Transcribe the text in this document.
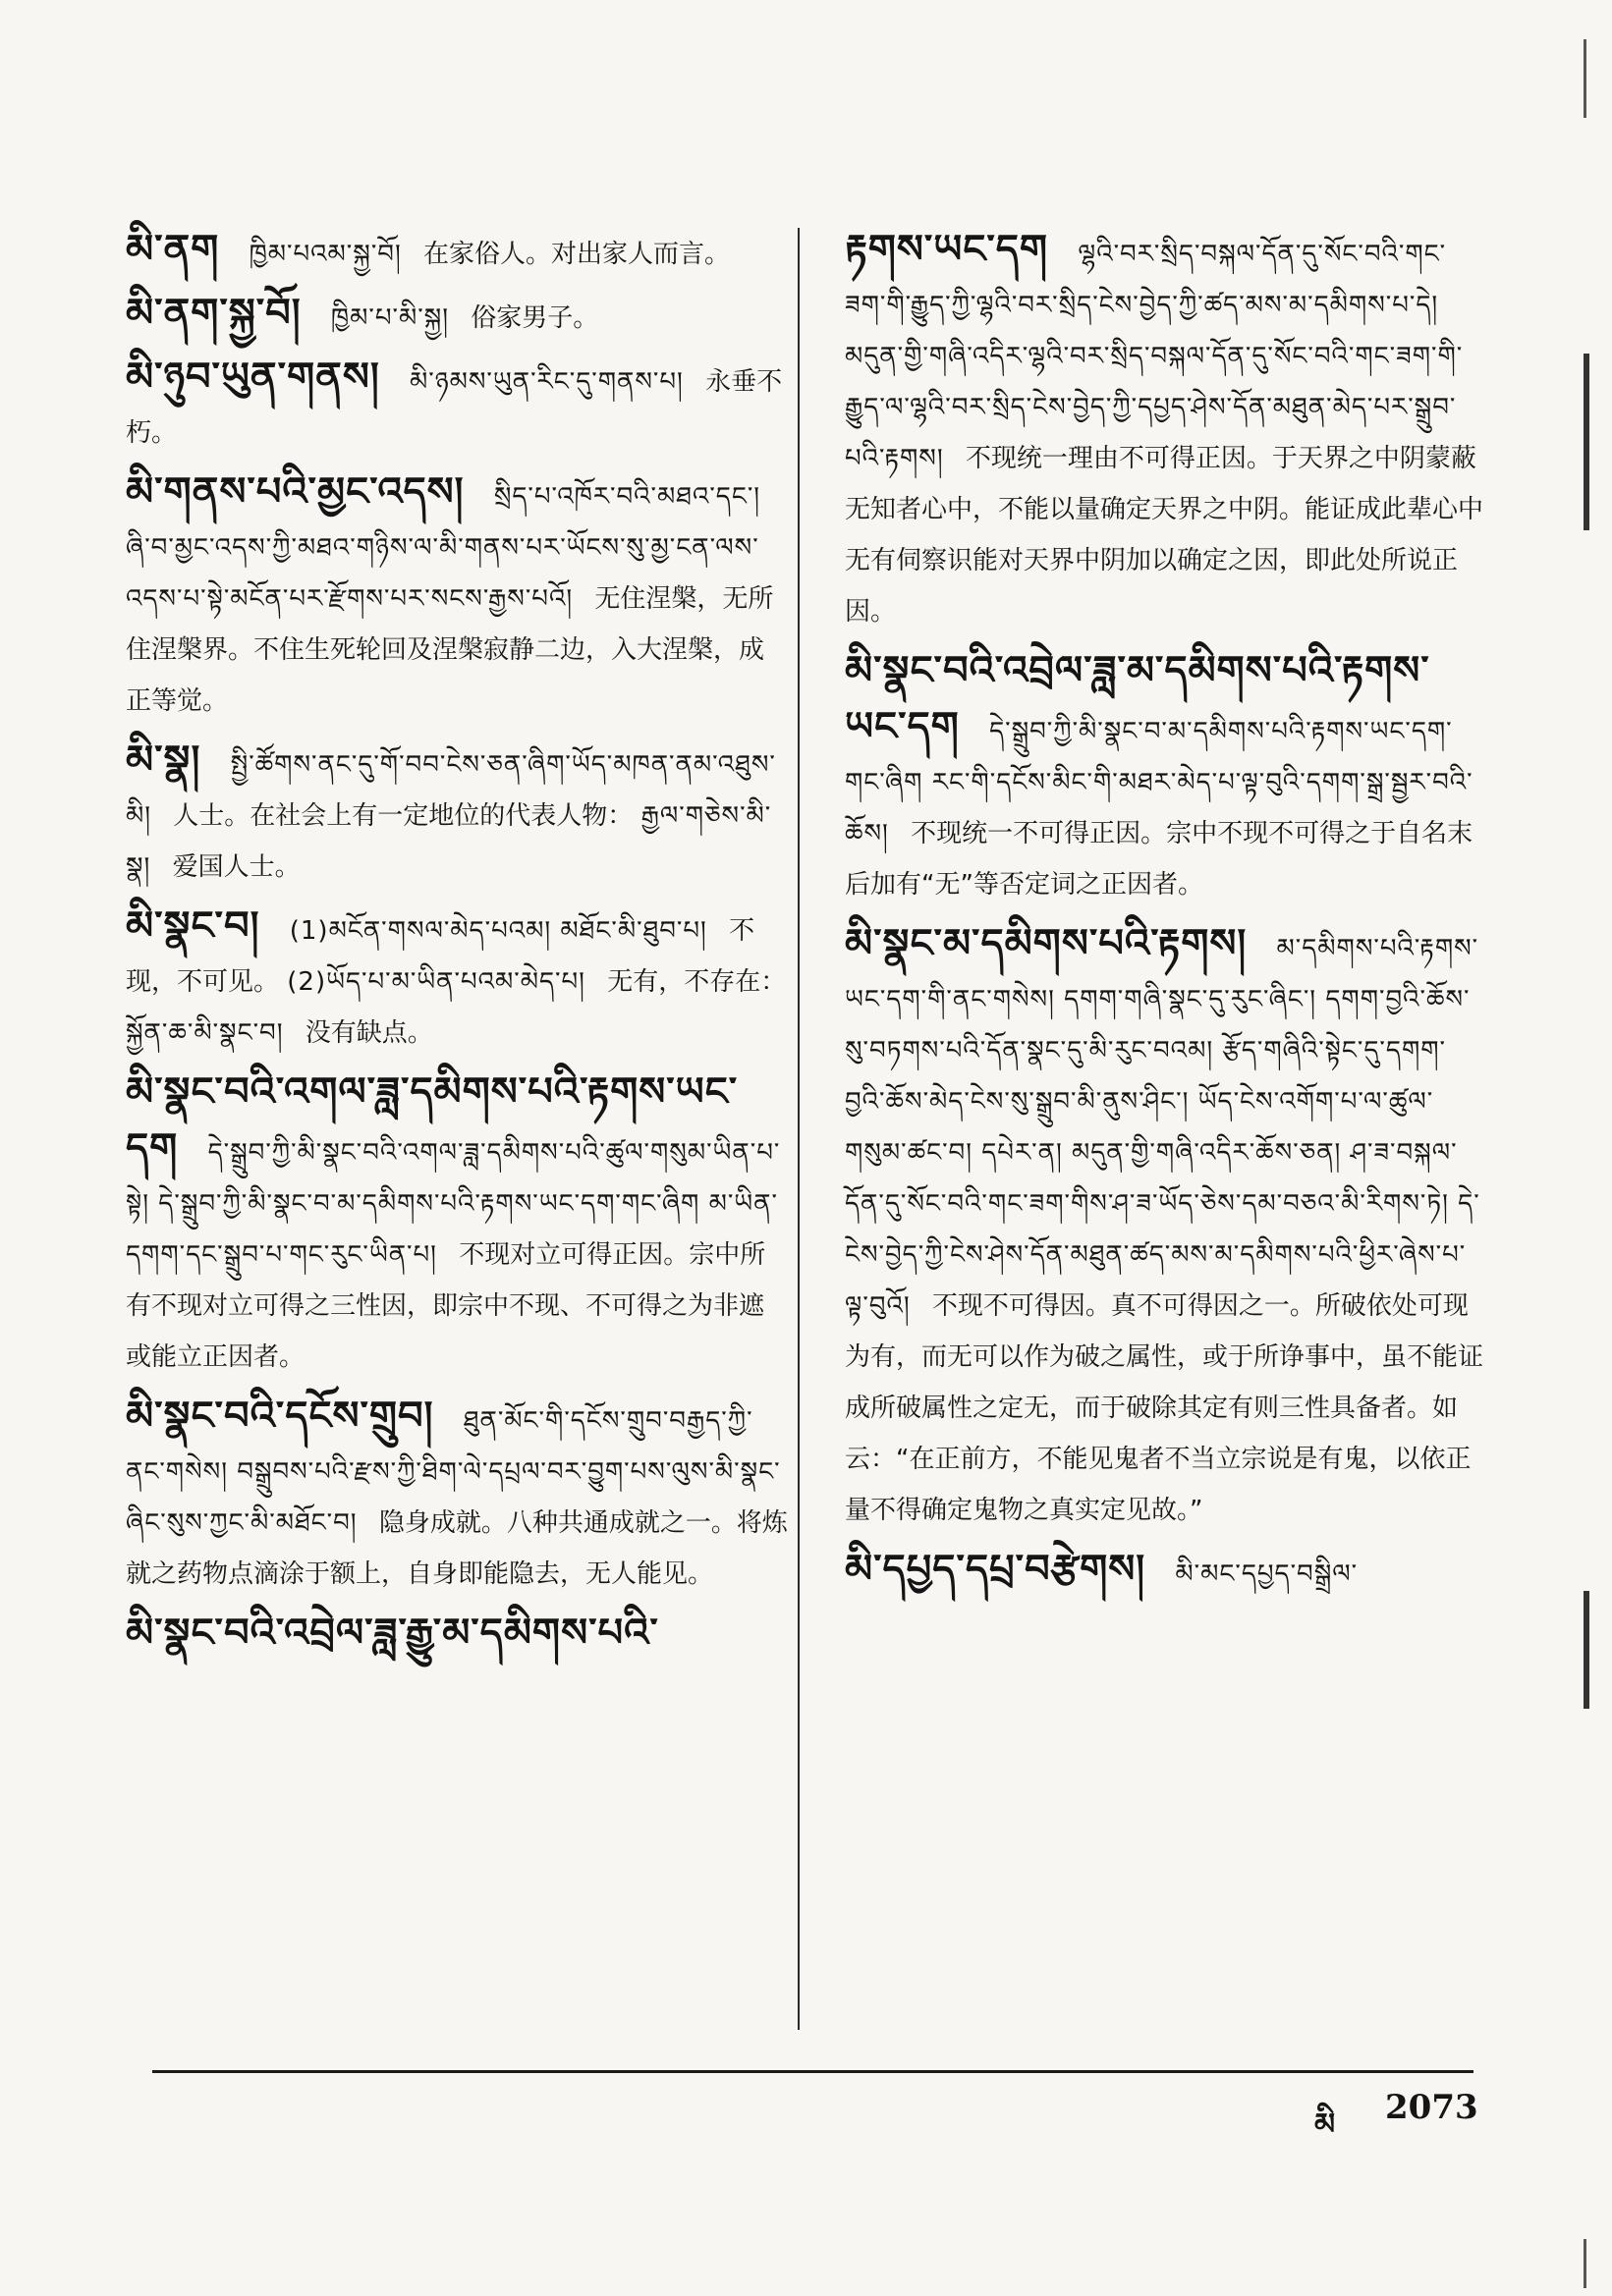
མི་ནག ཁྱིམ་པའམ་སྐྱ་བོ། 在家俗人。对出家人而言。
མི་ནག་སྐྱ་བོ། ཁྱིམ་པ་མི་སྐྱ། 俗家男子。
མི་ཉུབ་ཡུན་གནས། མི་ཉམས་ཡུན་རིང་དུ་གནས་པ། 永垂不朽。
མི་གནས་པའི་མྱང་འདས། སྲིད་པ་འཁོར་བའི་མཐའ་དང་། ཞི་བ་མྱང་འདས་ཀྱི་མཐའ་གཉིས་ལ་མི་གནས་པར་ཡོངས་སུ་མྱ་ངན་ལས་འདས་པ་སྟེ་མངོན་པར་རྫོགས་པར་སངས་རྒྱས་པའོ། 无住涅槃，无所住涅槃界。不住生死轮回及涅槃寂静二边，入大涅槃，成正等觉。
མི་སྣ། སྤྱི་ཚོགས་ནང་དུ་གོ་བབ་ངེས་ཅན་ཞིག་ཡོད་མཁན་ནམ་འཐུས་མི། 人士。在社会上有一定地位的代表人物： རྒྱལ་གཅེས་མི་སྣ། 爱国人士。
མི་སྣང་བ། (1)མངོན་གསལ་མེད་པའམ། མཐོང་མི་ཐུབ་པ། 不现，不可见。 (2)ཡོད་པ་མ་ཡིན་པའམ་མེད་པ། 无有，不存在： སྐྱོན་ཆ་མི་སྣང་བ། 没有缺点。
མི་སྣང་བའི་འགལ་ཟླ་དམིགས་པའི་རྟགས་ཡང་དག དེ་སྒྲུབ་ཀྱི་མི་སྣང་བའི་འགལ་ཟླ་དམིགས་པའི་ཚུལ་གསུམ་ཡིན་པ་སྟེ། དེ་སྒྲུབ་ཀྱི་མི་སྣང་བ་མ་དམིགས་པའི་རྟགས་ཡང་དག་གང་ཞིག མ་ཡིན་དགག་དང་སྒྲུབ་པ་གང་རུང་ཡིན་པ། 不现对立可得正因。宗中所有不现对立可得之三性因，即宗中不现、不可得之为非遮或能立正因者。
མི་སྣང་བའི་དངོས་གྲུབ། ཐུན་མོང་གི་དངོས་གྲུབ་བརྒྱད་ཀྱི་ནང་གསེས། བསྒྲུབས་པའི་རྫས་ཀྱི་ཐིག་ལེ་དཔྲལ་བར་བྱུག་པས་ལུས་མི་སྣང་ཞིང་སུས་ཀྱང་མི་མཐོང་བ། 隐身成就。八种共通成就之一。将炼就之药物点滴涂于额上，自身即能隐去，无人能见。
མི་སྣང་བའི་འབྲེལ་ཟླ་རྒྱུ་མ་དམིགས་པའི་
རྟགས་ཡང་དག ལྷའི་བར་སྲིད་བསྐལ་དོན་དུ་སོང་བའི་གང་ཟག་གི་རྒྱུད་ཀྱི་ལྷའི་བར་སྲིད་ངེས་བྱེད་ཀྱི་ཚད་མས་མ་དམིགས་པ་དེ། མདུན་གྱི་གཞི་འདིར་ལྷའི་བར་སྲིད་བསྐལ་དོན་དུ་སོང་བའི་གང་ཟག་གི་རྒྱུད་ལ་ལྷའི་བར་སྲིད་ངེས་བྱེད་ཀྱི་དཔྱད་ཤེས་དོན་མཐུན་མེད་པར་སྒྲུབ་པའི་རྟགས། 不现统一理由不可得正因。于天界之中阴蒙蔽无知者心中，不能以量确定天界之中阴。能证成此辈心中无有伺察识能对天界中阴加以确定之因，即此处所说正因。
མི་སྣང་བའི་འབྲེལ་ཟླ་མ་དམིགས་པའི་རྟགས་ཡང་དག དེ་སྒྲུབ་ཀྱི་མི་སྣང་བ་མ་དམིགས་པའི་རྟགས་ཡང་དག་གང་ཞིག རང་གི་དངོས་མིང་གི་མཐར་མེད་པ་ལྟ་བུའི་དགག་སྒྲ་སྦྱར་བའི་ཆོས། 不现统一不可得正因。宗中不现不可得之于自名末后加有“无”等否定词之正因者。
མི་སྣང་མ་དམིགས་པའི་རྟགས། མ་དམིགས་པའི་རྟགས་ཡང་དག་གི་ནང་གསེས། དགག་གཞི་སྣང་དུ་རུང་ཞིང་། དགག་བྱའི་ཆོས་སུ་བཏགས་པའི་དོན་སྣང་དུ་མི་རུང་བའམ། རྩོད་གཞིའི་སྟེང་དུ་དགག་བྱའི་ཆོས་མེད་ངེས་སུ་སྒྲུབ་མི་ནུས་ཤིང་། ཡོད་ངེས་འགོག་པ་ལ་ཚུལ་གསུམ་ཚང་བ། དཔེར་ན། མདུན་གྱི་གཞི་འདིར་ཆོས་ཅན། ཤ་ཟ་བསྐལ་དོན་དུ་སོང་བའི་གང་ཟག་གིས་ཤ་ཟ་ཡོད་ཅེས་དམ་བཅའ་མི་རིགས་ཏེ། དེ་ངེས་བྱེད་ཀྱི་ངེས་ཤེས་དོན་མཐུན་ཚད་མས་མ་དམིགས་པའི་ཕྱིར་ཞེས་པ་ལྟ་བུའོ། 不现不可得因。真不可得因之一。所破依处可现为有，而无可以作为破之属性，或于所诤事中，虽不能证成所破属性之定无，而于破除其定有则三性具备者。如云：“在正前方，不能见鬼者不当立宗说是有鬼，以依正量不得确定鬼物之真实定见故。”
མི་དཔྱད་དཔྲ་བརྩེགས། མི་མང་དཔྱད་བསྒྲིལ་
མི 2073
